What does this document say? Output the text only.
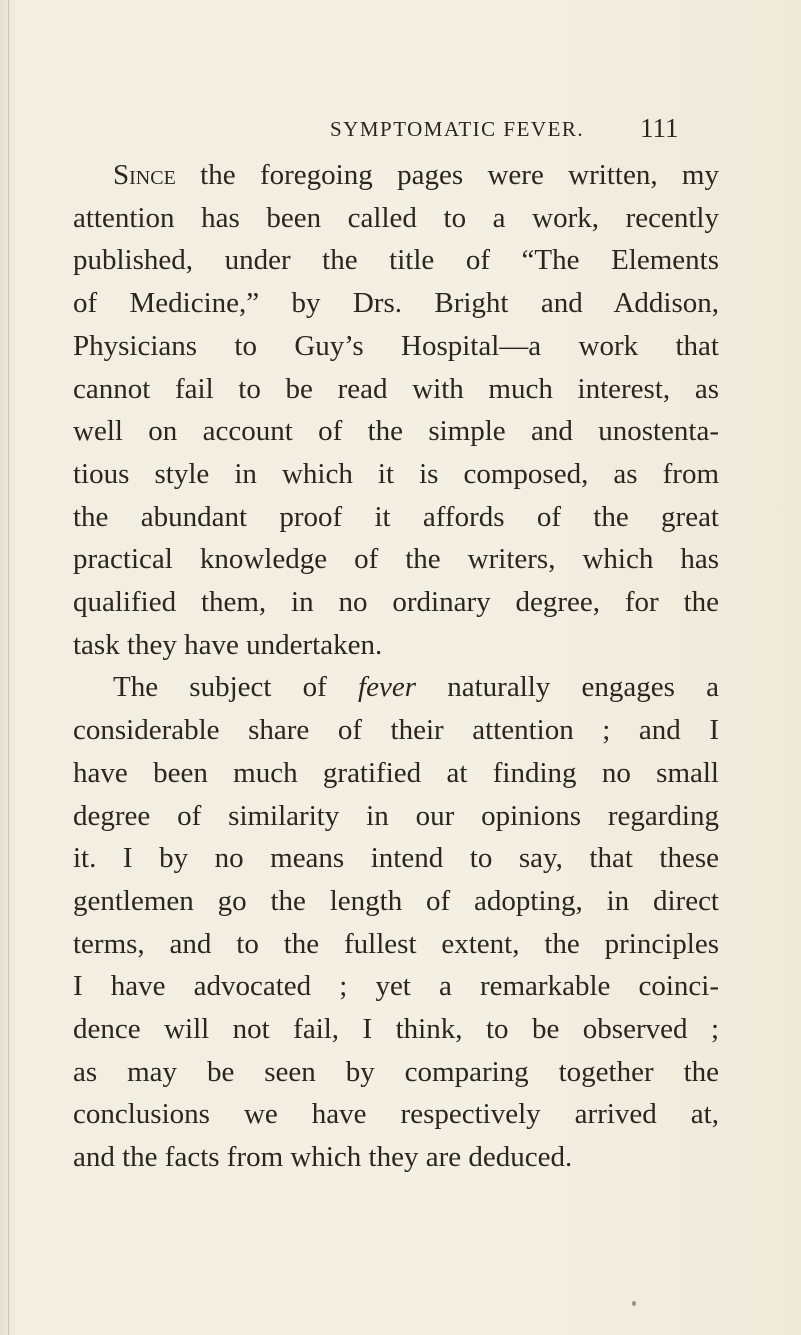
SYMPTOMATIC FEVER. 111

Since the foregoing pages were written, my
attention has been called to a work, recently
published, under the title of “The Elements
of Medicine,” by Drs. Bright and Addison,
Physicians to Guy’s Hospital—a work that
cannot fail to be read with much interest, as
well on account of the simple and unostenta-
tious style in which it is composed, as from
the abundant proof it affords of the great
practical knowledge of the writers, which has
qualified them, in no ordinary degree, for the
task they have undertaken.

The subject of fever naturally engages a
considerable share of their attention ; and I
have been much gratified at finding no small
degree of similarity in our opinions regarding
it. I by no means intend to say, that these
gentlemen go the length of adopting, in direct
terms, and to the fullest extent, the principles
I have advocated ; yet a remarkable coinci-
dence will not fail, I think, to be observed ;
as may be seen by comparing together the
conclusions we have respectively arrived at,
and the facts from which they are deduced.
